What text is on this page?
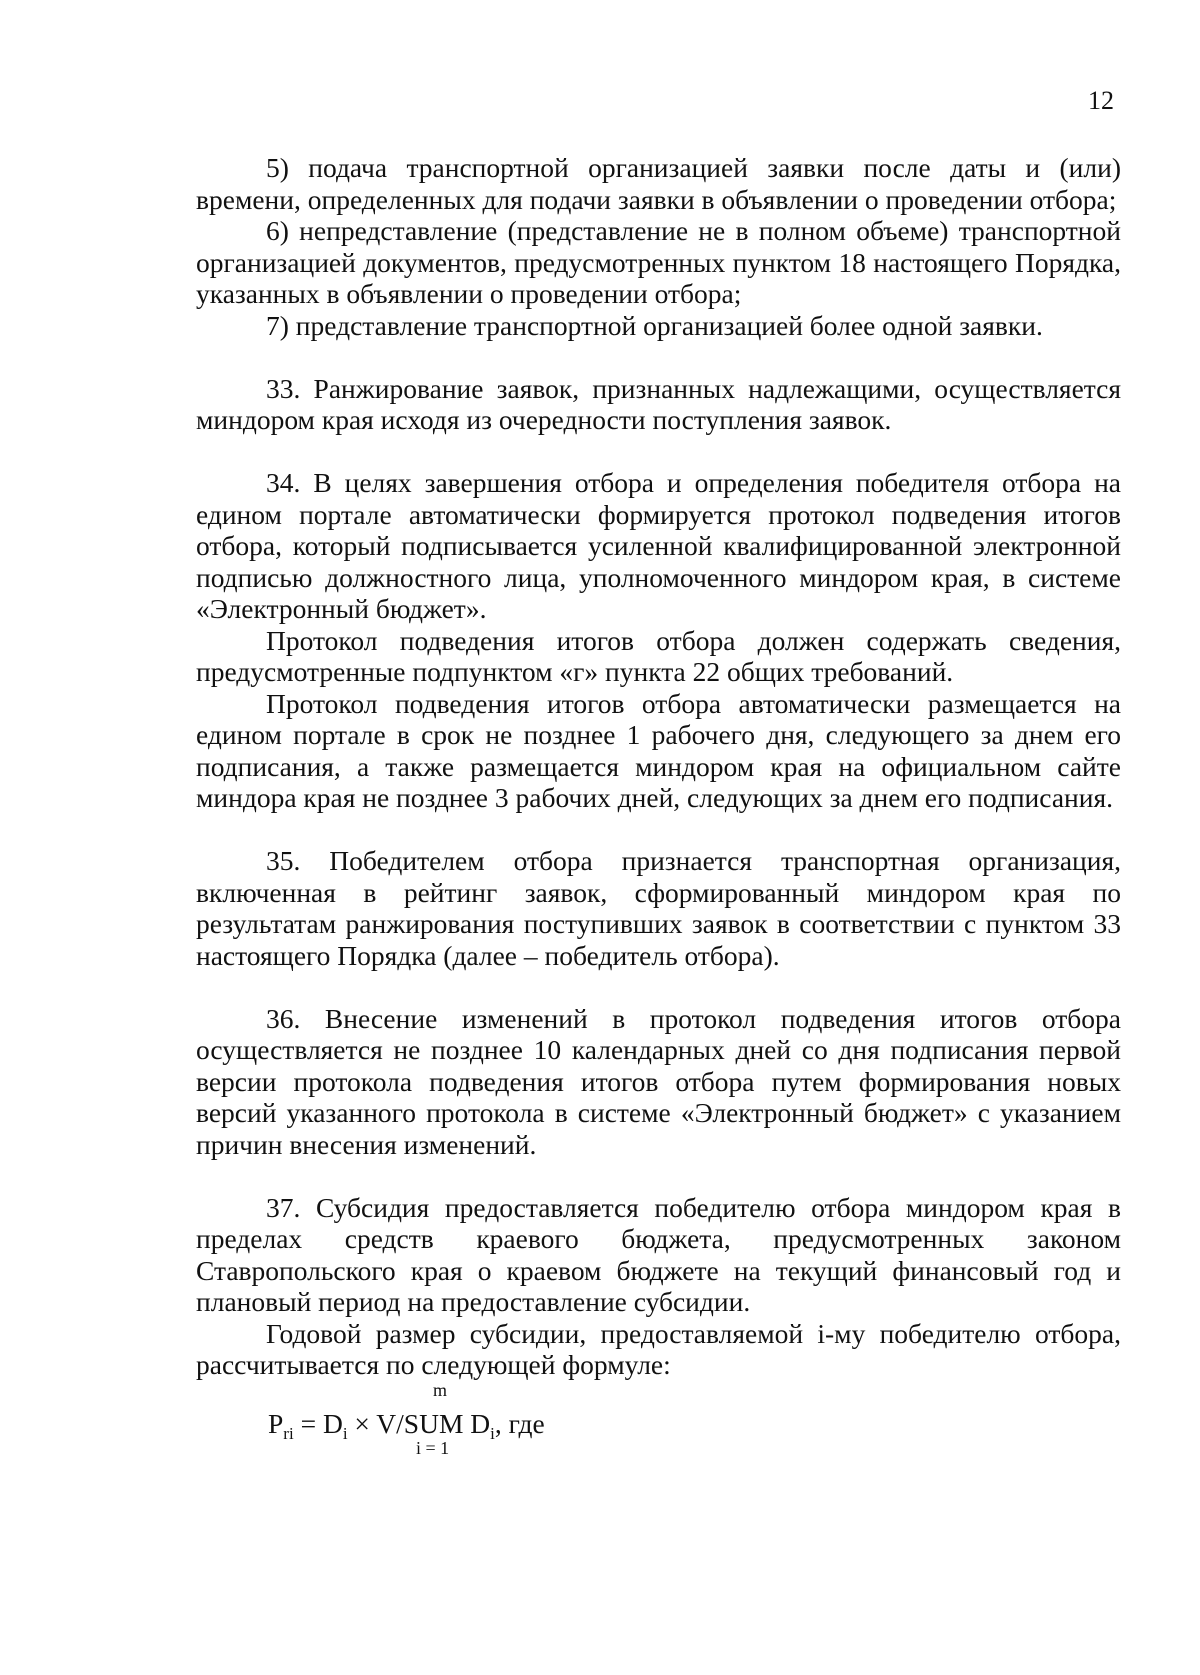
12

5) подача транспортной организацией заявки после даты и (или) времени, определенных для подачи заявки в объявлении о проведении отбора;

6) непредставление (представление не в полном объеме) транспортной организацией документов, предусмотренных пунктом 18 настоящего Порядка, указанных в объявлении о проведении отбора;

7) представление транспортной организацией более одной заявки.

33. Ранжирование заявок, признанных надлежащими, осуществляется миндором края исходя из очередности поступления заявок.

34. В целях завершения отбора и определения победителя отбора на едином портале автоматически формируется протокол подведения итогов отбора, который подписывается усиленной квалифицированной электронной подписью должностного лица, уполномоченного миндором края, в системе «Электронный бюджет».

Протокол подведения итогов отбора должен содержать сведения, предусмотренные подпунктом «г» пункта 22 общих требований.

Протокол подведения итогов отбора автоматически размещается на едином портале в срок не позднее 1 рабочего дня, следующего за днем его подписания, а также размещается миндором края на официальном сайте миндора края не позднее 3 рабочих дней, следующих за днем его подписания.

35. Победителем отбора признается транспортная организация, включенная в рейтинг заявок, сформированный миндором края по результатам ранжирования поступивших заявок в соответствии с пунктом 33 настоящего Порядка (далее – победитель отбора).

36. Внесение изменений в протокол подведения итогов отбора осуществляется не позднее 10 календарных дней со дня подписания первой версии протокола подведения итогов отбора путем формирования новых версий указанного протокола в системе «Электронный бюджет» с указанием причин внесения изменений.

37. Субсидия предоставляется победителю отбора миндором края в пределах средств краевого бюджета, предусмотренных законом Ставропольского края о краевом бюджете на текущий финансовый год и плановый период на предоставление субсидии.

Годовой размер субсидии, предоставляемой i-му победителю отбора, рассчитывается по следующей формуле:

m
$P_{ri} = D_i \times V/SUM$ $D_i$, где
i = 1
